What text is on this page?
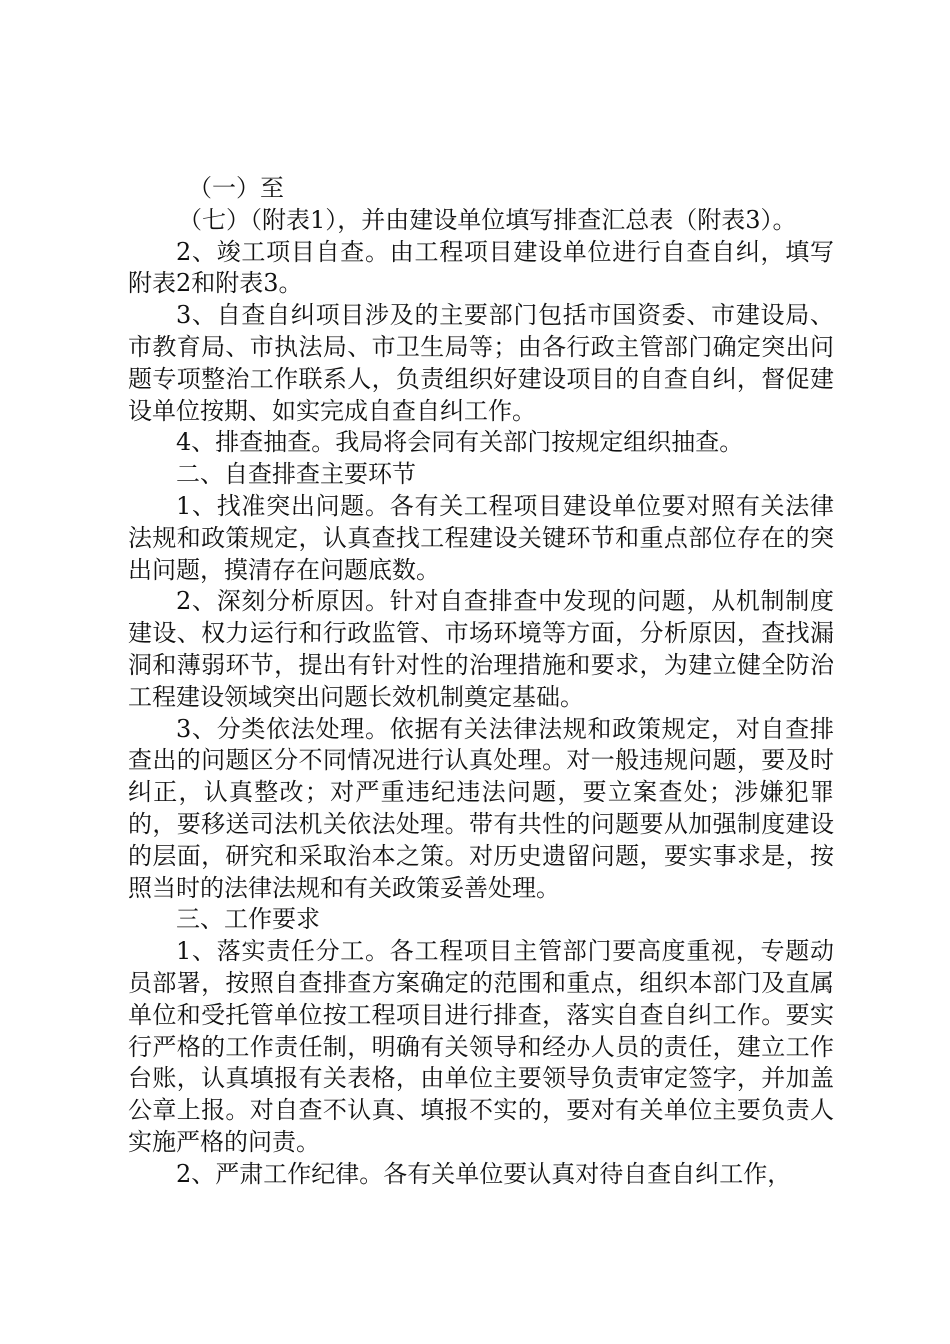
（一）至

（七）（附表1），并由建设单位填写排查汇总表（附表3）。

2、竣工项目自查。由工程项目建设单位进行自查自纠，填写附表2和附表3。

3、自查自纠项目涉及的主要部门包括市国资委、市建设局、市教育局、市执法局、市卫生局等；由各行政主管部门确定突出问题专项整治工作联系人，负责组织好建设项目的自查自纠，督促建设单位按期、如实完成自查自纠工作。

4、排查抽查。我局将会同有关部门按规定组织抽查。

二、自查排查主要环节

1、找准突出问题。各有关工程项目建设单位要对照有关法律法规和政策规定，认真查找工程建设关键环节和重点部位存在的突出问题，摸清存在问题底数。

2、深刻分析原因。针对自查排查中发现的问题，从机制制度建设、权力运行和行政监管、市场环境等方面，分析原因，查找漏洞和薄弱环节，提出有针对性的治理措施和要求，为建立健全防治工程建设领域突出问题长效机制奠定基础。

3、分类依法处理。依据有关法律法规和政策规定，对自查排查出的问题区分不同情况进行认真处理。对一般违规问题，要及时纠正，认真整改；对严重违纪违法问题，要立案查处；涉嫌犯罪的，要移送司法机关依法处理。带有共性的问题要从加强制度建设的层面，研究和采取治本之策。对历史遗留问题，要实事求是，按照当时的法律法规和有关政策妥善处理。

三、工作要求

1、落实责任分工。各工程项目主管部门要高度重视，专题动员部署，按照自查排查方案确定的范围和重点，组织本部门及直属单位和受托管单位按工程项目进行排查，落实自查自纠工作。要实行严格的工作责任制，明确有关领导和经办人员的责任，建立工作台账，认真填报有关表格，由单位主要领导负责审定签字，并加盖公章上报。对自查不认真、填报不实的，要对有关单位主要负责人实施严格的问责。

2、严肃工作纪律。各有关单位要认真对待自查自纠工作，
